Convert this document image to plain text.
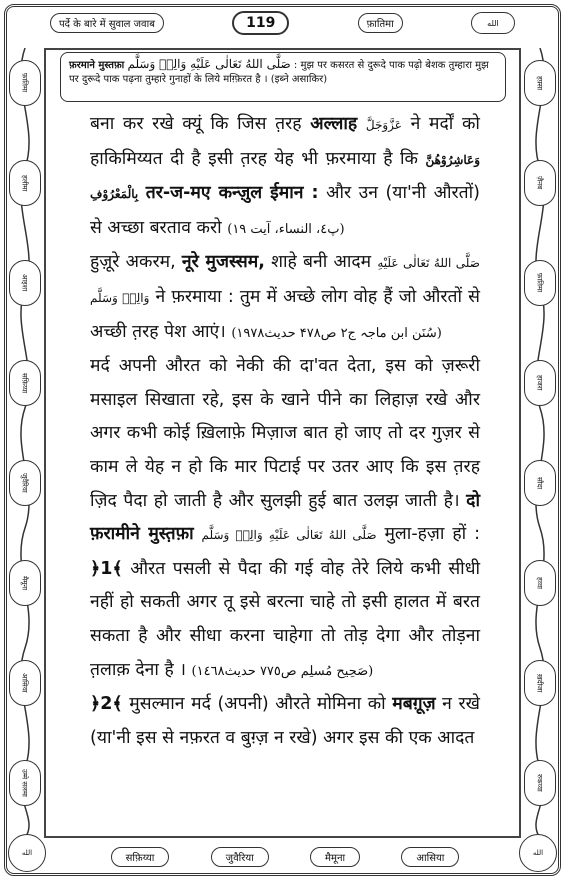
फ़ातिमा
हलीमा
आइशा
सफ़िय्या
जुवैरिया
मैमूना
आसिया
उम्मे सलमा
हफ़्सा
ज़ैनब
फ़ातिमा
हाजरा
सौदा
हव्वा
ख़दीजा
रुकय्या
पर्दे के बारे में सुवाल जवाब	119	फ़ातिमा	الله
फ़रमाने मुस्तफ़ा صَلَّى اللهُ تَعَالٰى عَلَيْهِ وَالِهٖ وَسَلَّم : मुझ पर कसरत से दुरूदे पाक पढ़ो बेशक तुम्हारा मुझ पर दुरूदे पाक पढ़ना तुम्हारे गुनाहों के लिये मग़्फ़िरत है । (इब्ने असाकिर)

बना कर रखे क्यूं कि जिस त़रह अल्लाह عَزَّوَجَلَّ ने मर्दों को हाकिमिय्यत दी है इसी त़रह येह भी फ़रमाया है कि وَعَاشِرُوْهُنَّ بِالْمَعْرُوْفِ तर-ज-मए कन्ज़ुल ईमान : और उन (या'नी औरतों) से अच्छा बरताव करो (پ٤، النساء، آیت ١٩)

हुज़ूरे अकरम, नूरे मुजस्सम, शाहे बनी आदम صَلَّى اللهُ تَعَالٰى عَلَيْهِ وَالِهٖ وَسَلَّم ने फ़रमाया : तुम में अच्छे लोग वोह हैं जो औरतों से अच्छी त़रह पेश आएं। (سُنَن ابن ماجہ ج۲ ص۴۷۸ حدیث۱۹۷۸)

मर्द अपनी औरत को नेकी की दा'वत देता, इस को ज़रूरी मसाइल सिखाता रहे, इस के खाने पीने का लिहाज़ रखे और अगर कभी कोई ख़िलाफ़े मिज़ाज बात हो जाए तो दर गुज़र से काम ले येह न हो कि मार पिटाई पर उतर आए कि इस त़रह ज़िद पैदा हो जाती है और सुलझी हुई बात उलझ जाती है। दो फ़रामीने मुस्त़फ़ा صَلَّى اللهُ تَعَالٰى عَلَيْهِ وَالِهٖ وَسَلَّم मुला-हज़ा हों : ﴿1﴾ औरत पसली से पैदा की गई वोह तेरे लिये कभी सीधी नहीं हो सकती अगर तू इसे बरत्ना चाहे तो इसी हालत में बरत सकता है और सीधा करना चाहेगा तो तोड़ देगा और तोड़ना त़लाक़ देना है । (صَحِیح مُسلِم ص٧٧٥ حدیث١٤٦٨)

﴿2﴾ मुसल्मान मर्द (अपनी) औरते मोमिना को मबग़ूज़ न रखे (या'नी इस से नफ़रत व बुग़्ज़ न रखे) अगर इस की एक आदत

الله	الله
सफ़िय्या	जुवैरिया	मैमूना	आसिया
